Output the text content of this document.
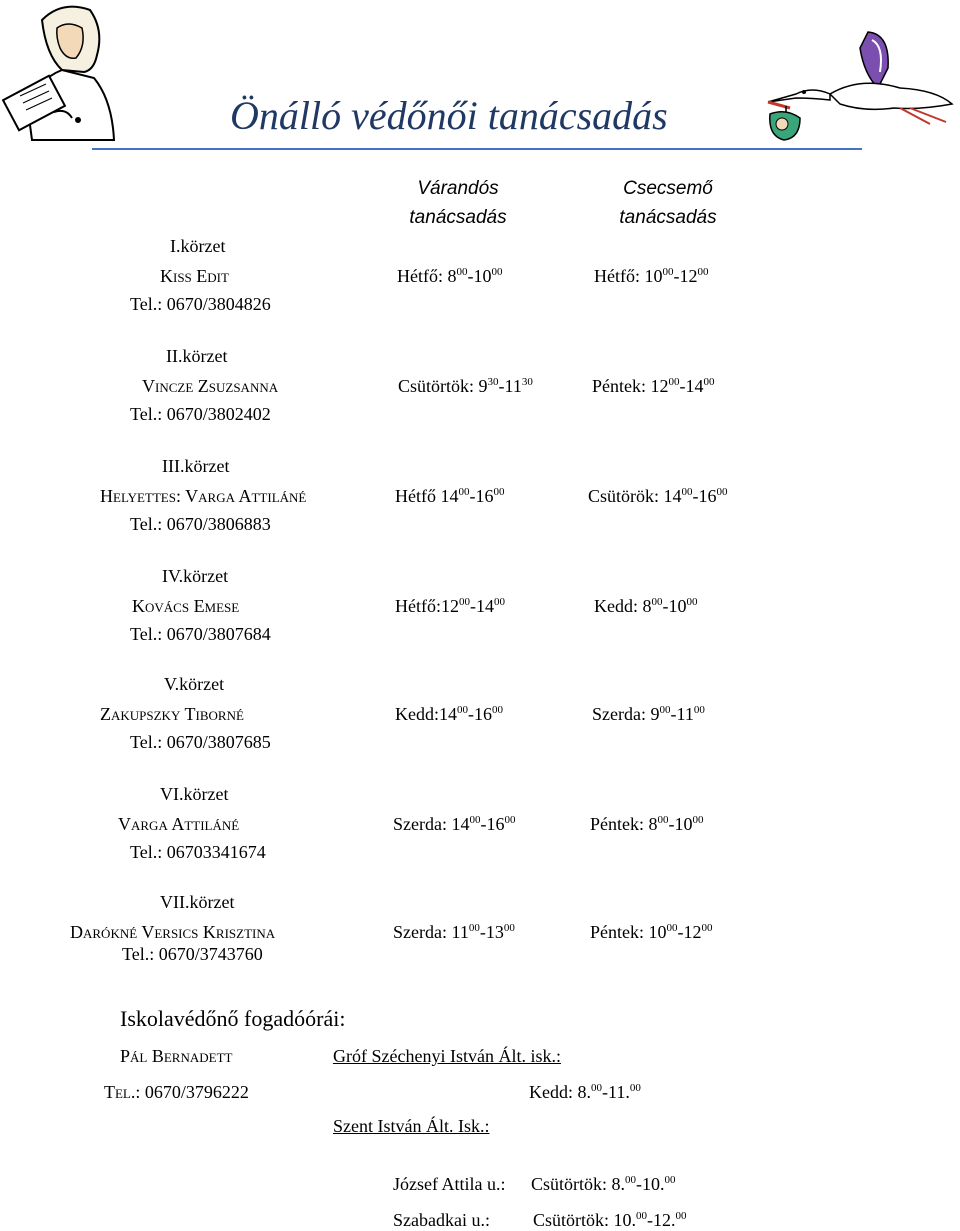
Önálló védőnői tanácsadás
Várandós
tanácsadás
Csecsemő
tanácsadás
I.körzet
Kiss Edit
Tel.: 0670/3804826
Hétfő: $8^{00}-10^{00}$	Hétfő: $10^{00}-12^{00}$
II.körzet
Vincze Zsuzsanna
Tel.: 0670/3802402
Csütörtök: $9^{30}-11^{30}$	Péntek: $12^{00}-14^{00}$
III.körzet
Helyettes: Varga Attiláné
Tel.: 0670/3806883
Hétfő $14^{00}-16^{00}$	Csütörök: $14^{00}-16^{00}$
IV.körzet
Kovács Emese
Tel.: 0670/3807684
$Hétfő:12^{00}-14^{00}$	Kedd: $8^{00}-10^{00}$
V.körzet
Zakupszky Tiborné
Tel.: 0670/3807685
$Kedd:14^{00}-16^{00}$	Szerda: $9^{00}-11^{00}$
VI.körzet
Varga Attiláné
Tel.: 06703341674
Szerda: $14^{00}-16^{00}$	Péntek: $8^{00}-10^{00}$
VII.körzet
Darókné Versics Krisztina
Tel.: 0670/3743760
Szerda: $11^{00}-13^{00}$	Péntek: $10^{00}-12^{00}$
Iskolavédőnő fogadóórái:
Pál Bernadett
Tel.: 0670/3796222
Gróf Széchenyi István Ált. isk.:
Kedd: 8.00-11.00
Szent István Ált. Isk.:
József Attila u.: Csütörtök: 8.00-10.00
Szabadkai u.: Csütörtök: 10.00-12.00
